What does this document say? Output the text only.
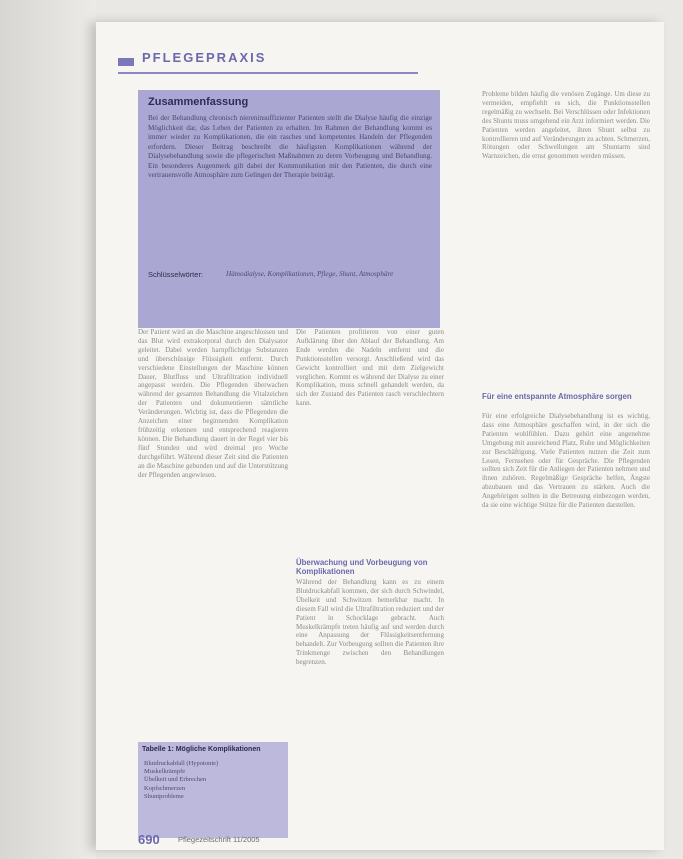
PFLEGEPRAXIS
Zusammenfassung
Bei der Behandlung chronisch niereninsuffizienter Patienten stellt die Dialyse häufig die einzige Möglichkeit dar, das Leben der Patienten zu erhalten. Im Rahmen der Behandlung kommt es immer wieder zu Komplikationen, die ein rasches und kompetentes Handeln der Pflegenden erfordern. Dieser Beitrag beschreibt die häufigsten Komplikationen während der Dialysebehandlung sowie die pflegerischen Maßnahmen zu deren Vorbeugung und Behandlung. Ein besonderes Augenmerk gilt dabei der Kommunikation mit den Patienten, die durch eine vertrauensvolle Atmosphäre zum Gelingen der Therapie beiträgt.
Schlüsselwörter:	Hämodialyse, Komplikationen, Pflege, Shunt, Atmosphäre
Der Patient wird an die Maschine angeschlossen und das Blut wird extrakorporal durch den Dialysator geleitet. Dabei werden harnpflichtige Substanzen und überschüssige Flüssigkeit entfernt. Durch verschiedene Einstellungen der Maschine können Dauer, Blutfluss und Ultrafiltration individuell angepasst werden. Die Pflegenden überwachen während der gesamten Behandlung die Vitalzeichen der Patienten und dokumentieren sämtliche Veränderungen. Wichtig ist, dass die Pflegenden die Anzeichen einer beginnenden Komplikation frühzeitig erkennen und entsprechend reagieren können. Die Behandlung dauert in der Regel vier bis fünf Stunden und wird dreimal pro Woche durchgeführt. Während dieser Zeit sind die Patienten an die Maschine gebunden und auf die Unterstützung der Pflegenden angewiesen.
Die Patienten profitieren von einer guten Aufklärung über den Ablauf der Behandlung. Am Ende werden die Nadeln entfernt und die Punktionsstellen versorgt. Anschließend wird das Gewicht kontrolliert und mit dem Zielgewicht verglichen. Kommt es während der Dialyse zu einer Komplikation, muss schnell gehandelt werden, da sich der Zustand des Patienten rasch verschlechtern kann.
Überwachung und Vorbeugung von Komplikationen
Während der Behandlung kann es zu einem Blutdruckabfall kommen, der sich durch Schwindel, Übelkeit und Schwitzen bemerkbar macht. In diesem Fall wird die Ultrafiltration reduziert und der Patient in Schocklage gebracht. Auch Muskelkrämpfe treten häufig auf und werden durch eine Anpassung der Flüssigkeitsentfernung behandelt. Zur Vorbeugung sollten die Patienten ihre Trinkmenge zwischen den Behandlungen begrenzen.
Probleme bilden häufig die venösen Zugänge. Um diese zu vermeiden, empfiehlt es sich, die Punktionsstellen regelmäßig zu wechseln. Bei Verschlüssen oder Infektionen des Shunts muss umgehend ein Arzt informiert werden. Die Patienten werden angeleitet, ihren Shunt selbst zu kontrollieren und auf Veränderungen zu achten. Schmerzen, Rötungen oder Schwellungen am Shuntarm sind Warnzeichen, die ernst genommen werden müssen.
Für eine entspannte Atmosphäre sorgen
Für eine erfolgreiche Dialysebehandlung ist es wichtig, dass eine Atmosphäre geschaffen wird, in der sich die Patienten wohlfühlen. Dazu gehört eine angenehme Umgebung mit ausreichend Platz, Ruhe und Möglichkeiten zur Beschäftigung. Viele Patienten nutzen die Zeit zum Lesen, Fernsehen oder für Gespräche. Die Pflegenden sollten sich Zeit für die Anliegen der Patienten nehmen und ihnen zuhören. Regelmäßige Gespräche helfen, Ängste abzubauen und das Vertrauen zu stärken. Auch die Angehörigen sollten in die Betreuung einbezogen werden, da sie eine wichtige Stütze für die Patienten darstellen.
Tabelle 1: Mögliche Komplikationen
Blutdruckabfall (Hypotonie)
Muskelkrämpfe
Übelkeit und Erbrechen
Kopfschmerzen
Shuntprobleme
690 Pflegezeitschrift 11/2005
